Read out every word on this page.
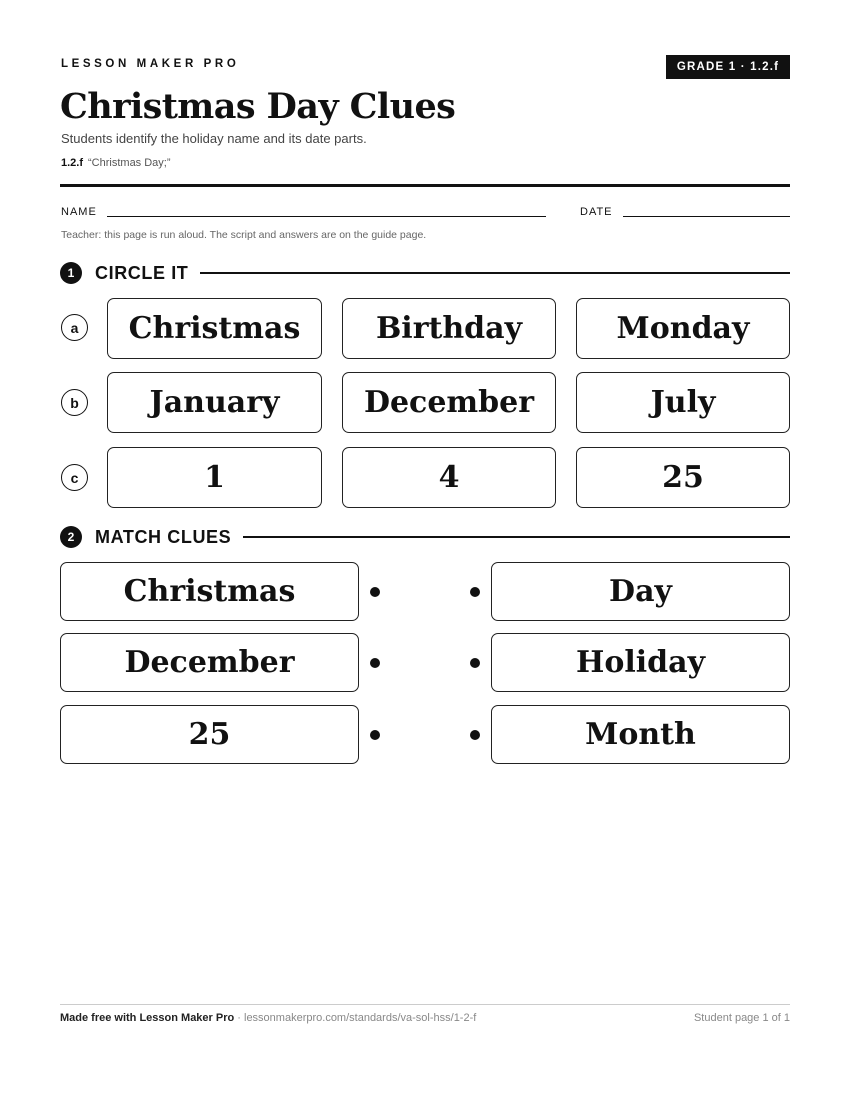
LESSON MAKER PRO	GRADE 1 · 1.2.f
Christmas Day Clues
Students identify the holiday name and its date parts.
1.2.f “Christmas Day;”
NAME	DATE
Teacher: this page is run aloud. The script and answers are on the guide page.
1	CIRCLE IT
a	Christmas	Birthday	Monday
b	January	December	July
c	1	4	25
2	MATCH CLUES
Christmas	Day
December	Holiday
25	Month
Made free with Lesson Maker Pro · lessonmakerpro.com/standards/va-sol-hss/1-2-f	Student page 1 of 1
